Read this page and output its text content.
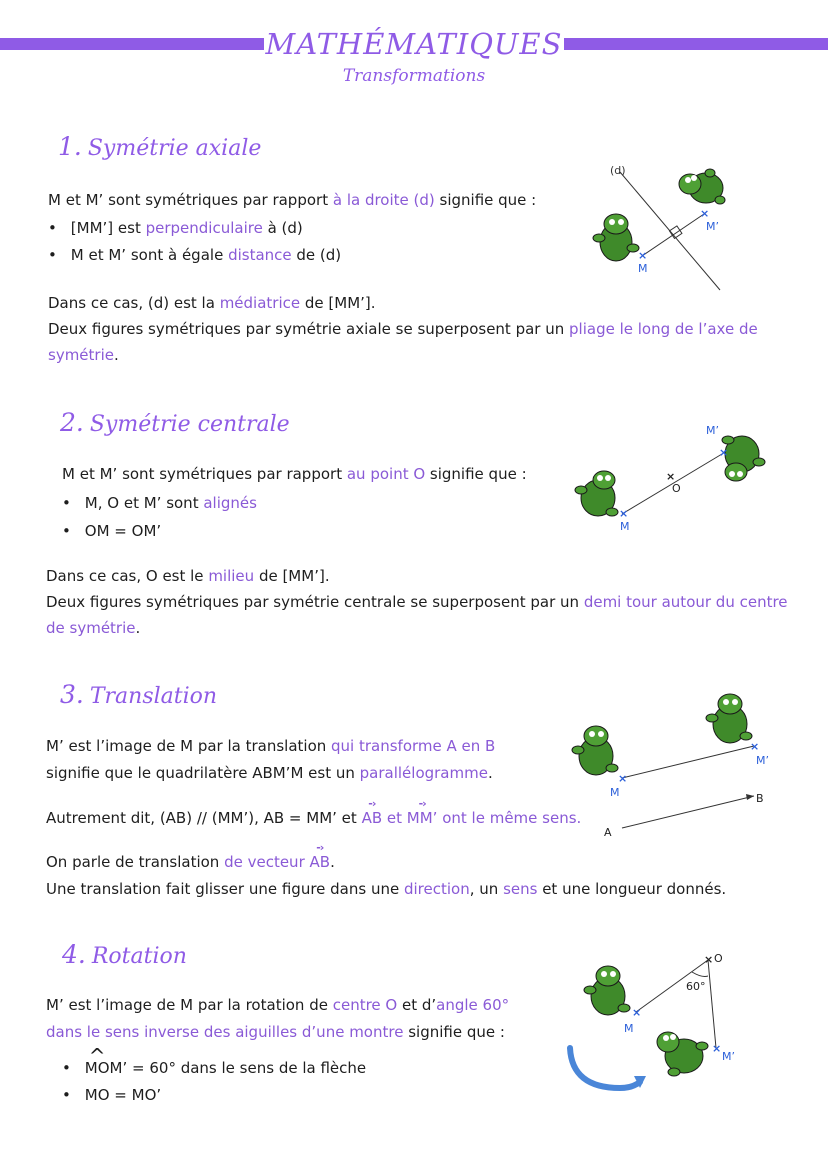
MATHÉMATIQUES
Transformations
1. Symétrie axiale
M et M’ sont symétriques par rapport à la droite (d) signifie que :
• [MM’] est perpendiculaire à (d)
• M et M’ sont à égale distance de (d)
Dans ce cas, (d) est la médiatrice de [MM’].
Deux figures symétriques par symétrie axiale se superposent par un pliage le long de l’axe de
symétrie.
(d)
×
×
M
M’
2. Symétrie centrale
M et M’ sont symétriques par rapport au point O signifie que :
• M, O et M’ sont alignés
• OM = OM’
Dans ce cas, O est le milieu de [MM’].
Deux figures symétriques par symétrie centrale se superposent par un demi tour autour du centre
de symétrie.
×
O
×
×
M
M’
3. Translation
M’ est l’image de M par la translation qui transforme A en B
signifie que le quadrilatère ABM’M est un parallélogramme.
Autrement dit, (AB) // (MM’), AB = MM’ et -› AB et -› MM’ ont le même sens.
On parle de translation de vecteur -› AB.
Une translation fait glisser une figure dans une direction, un sens et une longueur donnés.
A
B
×
×
M
M’
4. Rotation
M’ est l’image de M par la rotation de centre O et d’angle 60°
dans le sens inverse des aiguilles d’une montre signifie que :
• ^ MOM’ = 60° dans le sens de la flèche
• MO = MO’
× O
60°
×
×
M
M’
